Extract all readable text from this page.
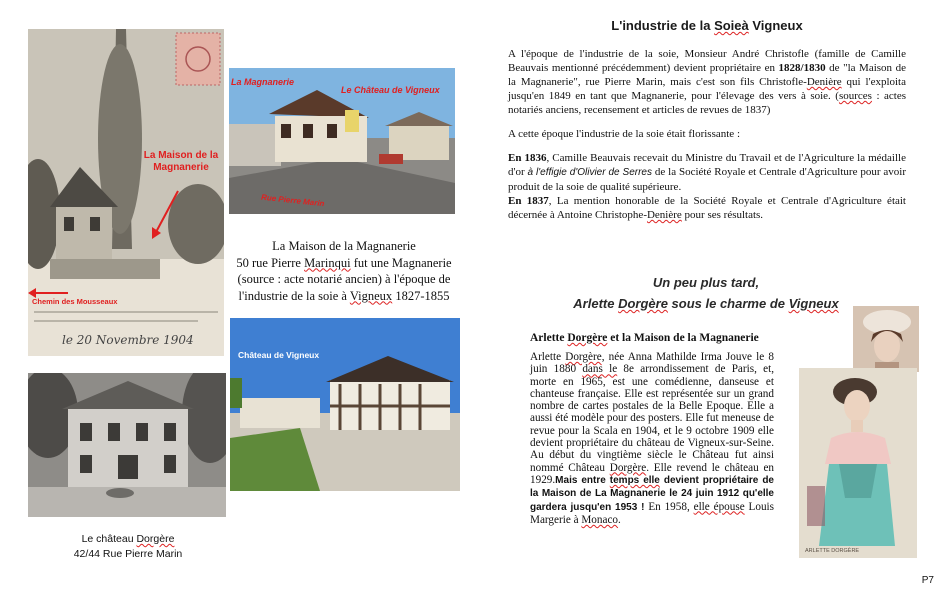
La Maison de la Magnanerie
Chemin des Mousseaux
le 20 Novembre 1904
La Magnanerie
Le Château de Vigneux
Rue Pierre Marin
La Maison de la Magnanerie
50 rue Pierre Marinqui fut une Magnanerie
(source : acte notarié ancien) à l'époque de
l'industrie de la soie à Vigneux 1827-1855
Château de Vigneux
Le château Dorgère
42/44 Rue Pierre Marin
L'industrie de la Soieà Vigneux

A l'époque de l'industrie de la soie, Monsieur André Christofle (famille de Camille Beauvais mentionné précédemment) devient propriétaire en 1828/1830 de "la Maison de la Magnanerie", rue Pierre Marin, mais c'est son fils Christofle-Denière qui l'exploita jusqu'en 1849 en tant que Magnanerie, pour l'élevage des vers à soie. (sources : actes notariés anciens, recensement et articles de revues de 1837)

A cette époque l'industrie de la soie était florissante :

En 1836, Camille Beauvais recevait du Ministre du Travail et de l'Agriculture la médaille d'or à l'effigie d'Olivier de Serres de la Société Royale et Centrale d'Agriculture pour avoir produit de la soie de qualité supérieure.

En 1837, La mention honorable de la Société Royale et Centrale d'Agriculture était décernée à Antoine Christophe-Denière pour ses résultats.

Un peu plus tard,
Arlette Dorgère sous le charme de Vigneux
Arlette Dorgère et la Maison de la Magnanerie

Arlette Dorgère, née Anna Mathilde Irma Jouve le 8 juin 1880 dans le 8e arrondissement de Paris, et, morte en 1965, est une comédienne, danseuse et chanteuse française. Elle est représentée sur un grand nombre de cartes postales de la Belle Epoque. Elle a aussi été modèle pour des posters. Elle fut meneuse de revue pour la Scala en 1904, et le 9 octobre 1909 elle devient propriétaire du château de Vigneux-sur-Seine. Au début du vingtième siècle le Château fut ainsi nommé Château Dorgère. Elle revend le château en 1929.Mais entre temps elle devient propriétaire de la Maison de La Magnanerie le 24 juin 1912 qu'elle gardera jusqu'en 1953 ! En 1958, elle épouse Louis Margerie à Monaco.

ARLETTE DORGÈRE
P7
